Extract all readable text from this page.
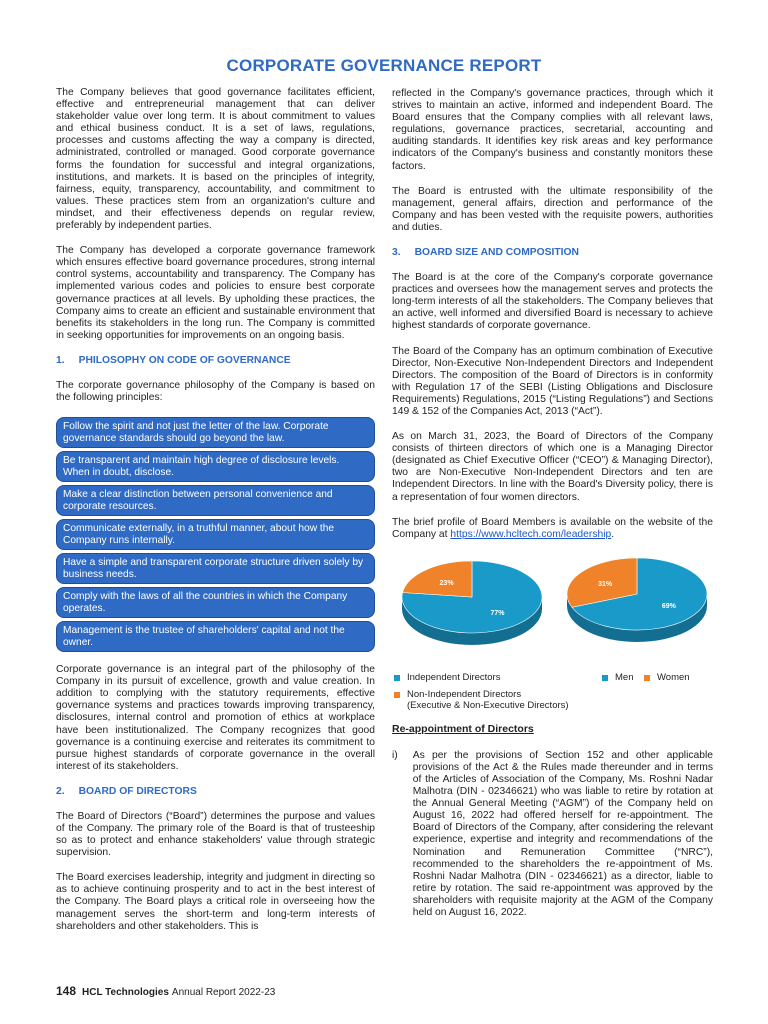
CORPORATE GOVERNANCE REPORT

The Company believes that good governance facilitates efficient, effective and entrepreneurial management that can deliver stakeholder value over long term. It is about commitment to values and ethical business conduct. It is a set of laws, regulations, processes and customs affecting the way a company is directed, administrated, controlled or managed. Good corporate governance forms the foundation for successful and integral organizations, institutions, and markets. It is based on the principles of integrity, fairness, equity, transparency, accountability, and commitment to values. These practices stem from an organization's culture and mindset, and their effectiveness depends on regular review, preferably by independent parties.

The Company has developed a corporate governance framework which ensures effective board governance procedures, strong internal control systems, accountability and transparency. The Company has implemented various codes and policies to ensure best corporate governance practices at all levels. By upholding these practices, the Company aims to create an efficient and sustainable environment that benefits its stakeholders in the long run. The Company is committed in seeking opportunities for improvements on an ongoing basis.

1. PHILOSOPHY ON CODE OF GOVERNANCE

The corporate governance philosophy of the Company is based on the following principles:

Follow the spirit and not just the letter of the law. Corporate governance standards should go beyond the law.
Be transparent and maintain high degree of disclosure levels. When in doubt, disclose.
Make a clear distinction between personal convenience and corporate resources.
Communicate externally, in a truthful manner, about how the Company runs internally.
Have a simple and transparent corporate structure driven solely by business needs.
Comply with the laws of all the countries in which the Company operates.
Management is the trustee of shareholders' capital and not the owner.

Corporate governance is an integral part of the philosophy of the Company in its pursuit of excellence, growth and value creation. In addition to complying with the statutory requirements, effective governance systems and practices towards improving transparency, disclosures, internal control and promotion of ethics at workplace have been institutionalized. The Company recognizes that good governance is a continuing exercise and reiterates its commitment to pursue highest standards of corporate governance in the overall interest of its stakeholders.

2. BOARD OF DIRECTORS

The Board of Directors (“Board”) determines the purpose and values of the Company. The primary role of the Board is that of trusteeship so as to protect and enhance stakeholders' value through strategic supervision.

The Board exercises leadership, integrity and judgment in directing so as to achieve continuing prosperity and to act in the best interest of the Company. The Board plays a critical role in overseeing how the management serves the short-term and long-term interests of shareholders and other stakeholders. This is

reflected in the Company's governance practices, through which it strives to maintain an active, informed and independent Board. The Board ensures that the Company complies with all relevant laws, regulations, governance practices, secretarial, accounting and auditing standards. It identifies key risk areas and key performance indicators of the Company's business and constantly monitors these factors.

The Board is entrusted with the ultimate responsibility of the management, general affairs, direction and performance of the Company and has been vested with the requisite powers, authorities and duties.

3. BOARD SIZE AND COMPOSITION

The Board is at the core of the Company's corporate governance practices and oversees how the management serves and protects the long-term interests of all the stakeholders. The Company believes that an active, well informed and diversified Board is necessary to achieve highest standards of corporate governance.

The Board of the Company has an optimum combination of Executive Director, Non-Executive Non-Independent Directors and Independent Directors. The composition of the Board of Directors is in conformity with Regulation 17 of the SEBI (Listing Obligations and Disclosure Requirements) Regulations, 2015 (“Listing Regulations”) and Sections 149 & 152 of the Companies Act, 2013 (“Act”).

As on March 31, 2023, the Board of Directors of the Company consists of thirteen directors of which one is a Managing Director (designated as Chief Executive Officer (“CEO”) & Managing Director), two are Non-Executive Non-Independent Directors and ten are Independent Directors. In line with the Board's Diversity policy, there is a representation of four women directors.

The brief profile of Board Members is available on the website of the Company at https://www.hcltech.com/leadership.

77%
23%
69%
31%
Independent Directors	Men Women
Non-Independent Directors
(Executive & Non-Executive Directors)
Re-appointment of Directors
i) As per the provisions of Section 152 and other applicable provisions of the Act & the Rules made thereunder and in terms of the Articles of Association of the Company, Ms. Roshni Nadar Malhotra (DIN - 02346621) who was liable to retire by rotation at the Annual General Meeting (“AGM”) of the Company held on August 16, 2022 had offered herself for re-appointment. The Board of Directors of the Company, after considering the relevant experience, expertise and integrity and recommendations of the Nomination and Remuneration Committee (“NRC”), recommended to the shareholders the re-appointment of Ms. Roshni Nadar Malhotra (DIN - 02346621) as a director, liable to retire by rotation. The said re-appointment was approved by the shareholders with requisite majority at the AGM of the Company held on August 16, 2022.
148 HCL Technologies Annual Report 2022-23
